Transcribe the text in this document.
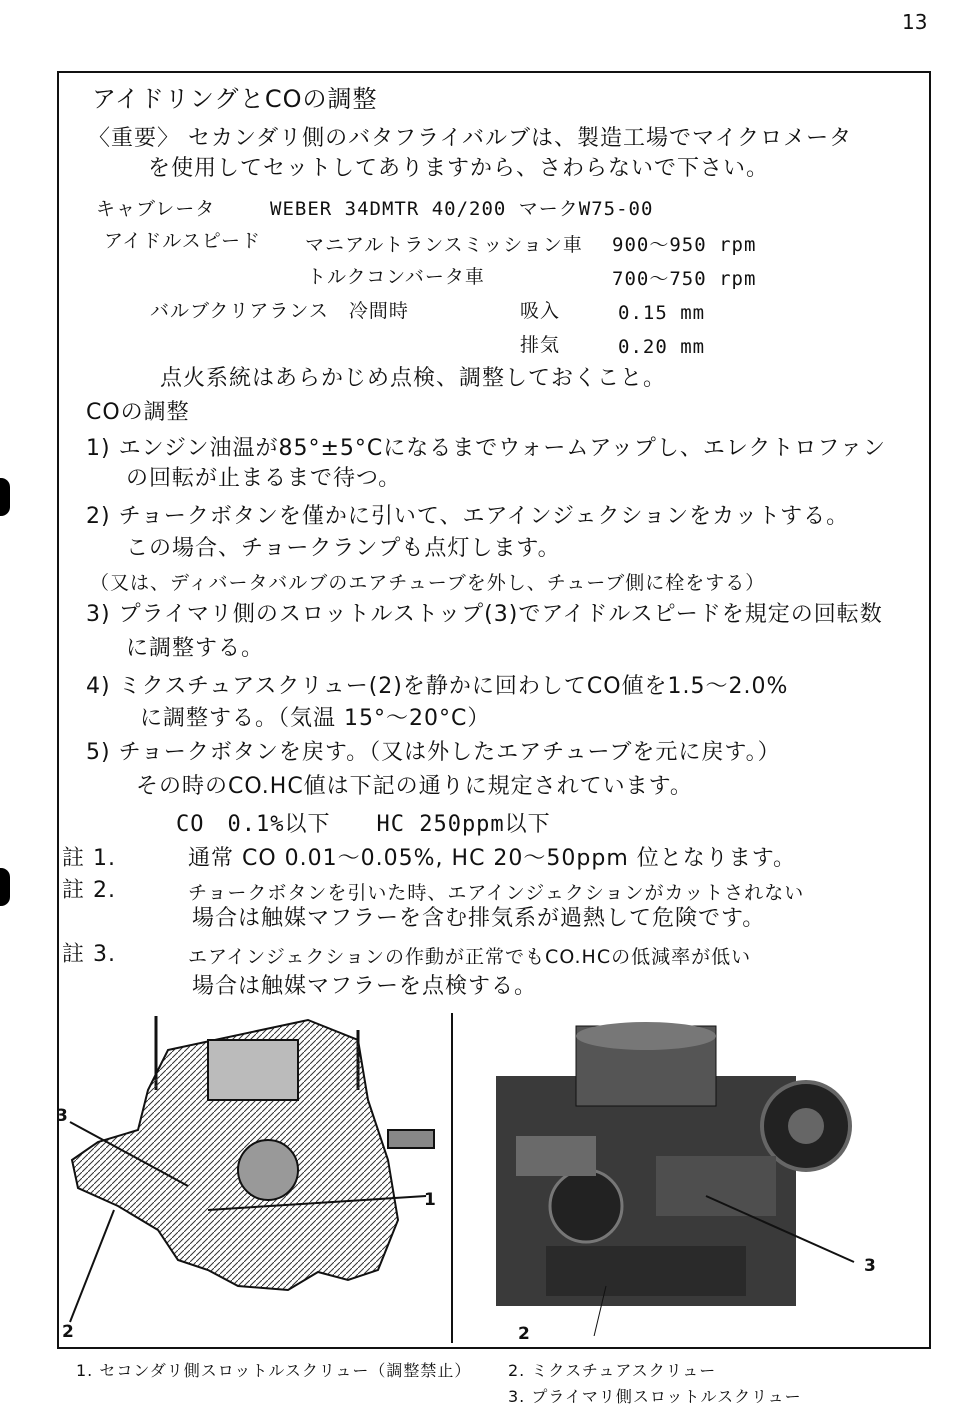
13
アイドリングとCOの調整
〈重要〉 セカンダリ側のバタフライバルブは、製造工場でマイクロメータ
を使用してセットしてありますから、さわらないで下さい。
キャブレータ	WEBER 34DMTR 40/200 マークW75-00
アイドルスピード マニアルトランスミッション車 900～950 rpm
トルクコンバータ車	700～750 rpm
バルブクリアランス　冷間時	吸入	0.15 mm
排気	0.20 mm
点火系統はあらかじめ点検、調整しておくこと。
COの調整
1) エンジン油温が85°±5°Cになるまでウォームアップし、エレクトロファン
の回転が止まるまで待つ。
2) チョークボタンを僅かに引いて、エアインジェクションをカットする。
この場合、チョークランプも点灯します。
（又は、ディバータバルブのエアチューブを外し、チューブ側に栓をする）
3) プライマリ側のスロットルストップ(3)でアイドルスピードを規定の回転数
に調整する。
4) ミクスチュアスクリュー(2)を静かに回わしてCO値を1.5～2.0%
に調整する。（気温 15°～20°C）
5) チョークボタンを戻す。（又は外したエアチューブを元に戻す。）
その時のCO.HC値は下記の通りに規定されています。
CO　0.1%以下　　HC 250ppm以下
註 1.	通常 CO 0.01～0.05%, HC 20～50ppm 位となります。
註 2.	チョークボタンを引いた時、エアインジェクションがカットされない
場合は触媒マフラーを含む排気系が過熱して危険です。
註 3.	エアインジェクションの作動が正常でもCO.HCの低減率が低い
場合は触媒マフラーを点検する。
3
1
2
3
2
1. セコンダリ側スロットルスクリュー（調整禁止） 2. ミクスチュアスクリュー
3. プライマリ側スロットルスクリュー
